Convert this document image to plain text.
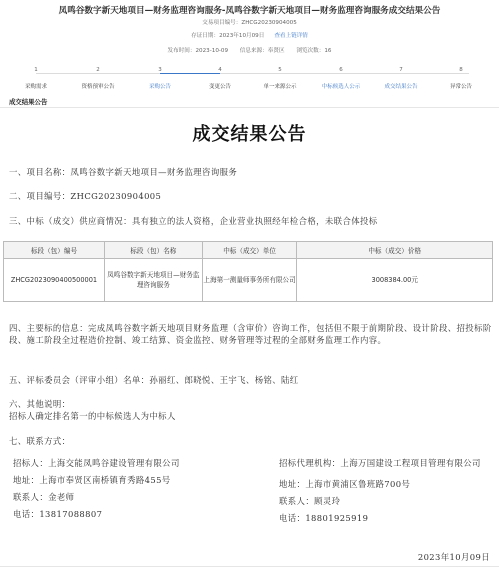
凤鸣谷数字新天地项目—财务监理咨询服务-凤鸣谷数字新天地项目—财务监理咨询服务成交结果公告
交易项目编号：ZHCG20230904005
存证日期：2023年10月09日 查看上链详情
发布时间：2023-10-09 信息来源：奉贤区 浏览次数：16
1
采购需求
2
资格预审公告
3
采购公告
4
变更公告
5
单一来源公示
6
中标候选人公示
7
成交结果公告
8
异常公告
成交结果公告
成交结果公告
一、项目名称：凤鸣谷数字新天地项目—财务监理咨询服务
二、项目编号：ZHCG20230904005
三、中标（成交）供应商情况：具有独立的法人资格，企业营业执照经年检合格，未联合体投标
标段（包）编号	标段（包）名称	中标（成交）单位	中标（成交）价格
ZHCG2023090400500001	凤鸣谷数字新天地项目—财务监理咨询服务	上海第一测量师事务所有限公司	3008384.00元
四、主要标的信息：完成凤鸣谷数字新天地项目财务监理（含审价）咨询工作，包括但不限于前期阶段、设计阶段、招投标阶段、施工阶段全过程造价控制、竣工结算、资金监控、财务管理等过程的全部财务监理工作内容。
五、评标委员会（评审小组）名单：孙丽红、郎晓悦、王宇飞、杨铭、陆红
六、其他说明：
招标人确定排名第一的中标候选人为中标人
七、联系方式：
招标人：上海交能凤鸣谷建设管理有限公司
地址：上海市奉贤区南桥镇育秀路455号
联系人：金老师
电话：13817088807
招标代理机构：上海万国建设工程项目管理有限公司
地址：上海市黄浦区鲁班路700号
联系人：顾灵玲
电话：18801925919
2023年10月09日
